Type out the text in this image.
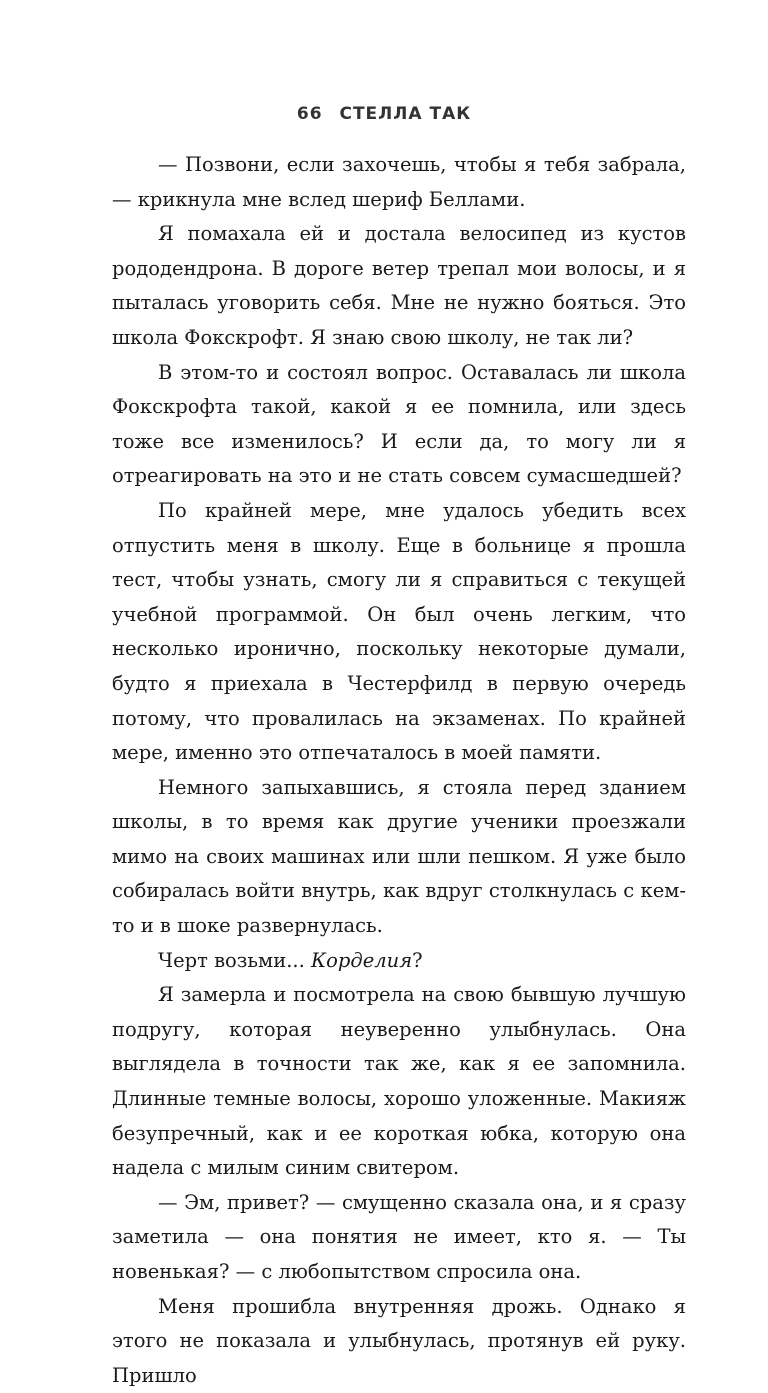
66 СТЕЛЛА ТАК

— Позвони, если захочешь, чтобы я тебя забрала, — крикнула мне вслед шериф Беллами.

Я помахала ей и достала велосипед из кустов рододендрона. В дороге ветер трепал мои волосы, и я пыталась уговорить себя. Мне не нужно бояться. Это школа Фокскрофт. Я знаю свою школу, не так ли?

В этом-то и состоял вопрос. Оставалась ли школа Фокскрофта такой, какой я ее помнила, или здесь тоже все изменилось? И если да, то могу ли я отреагировать на это и не стать совсем сумасшедшей?

По крайней мере, мне удалось убедить всех отпустить меня в школу. Еще в больнице я прошла тест, чтобы узнать, смогу ли я справиться с текущей учебной программой. Он был очень легким, что несколько иронично, поскольку некоторые думали, будто я приехала в Честерфилд в первую очередь потому, что провалилась на экзаменах. По крайней мере, именно это отпечаталось в моей памяти.

Немного запыхавшись, я стояла перед зданием школы, в то время как другие ученики проезжали мимо на своих машинах или шли пешком. Я уже было собиралась войти внутрь, как вдруг столкнулась с кем-то и в шоке развернулась.

Черт возьми... Корделия?

Я замерла и посмотрела на свою бывшую лучшую подругу, которая неуверенно улыбнулась. Она выглядела в точности так же, как я ее запомнила. Длинные темные волосы, хорошо уложенные. Макияж безупречный, как и ее короткая юбка, которую она надела с милым синим свитером.

— Эм, привет? — смущенно сказала она, и я сразу заметила — она понятия не имеет, кто я. — Ты новенькая? — с любопытством спросила она.

Меня прошибла внутренняя дрожь. Однако я этого не показала и улыбнулась, протянув ей руку. Пришло
